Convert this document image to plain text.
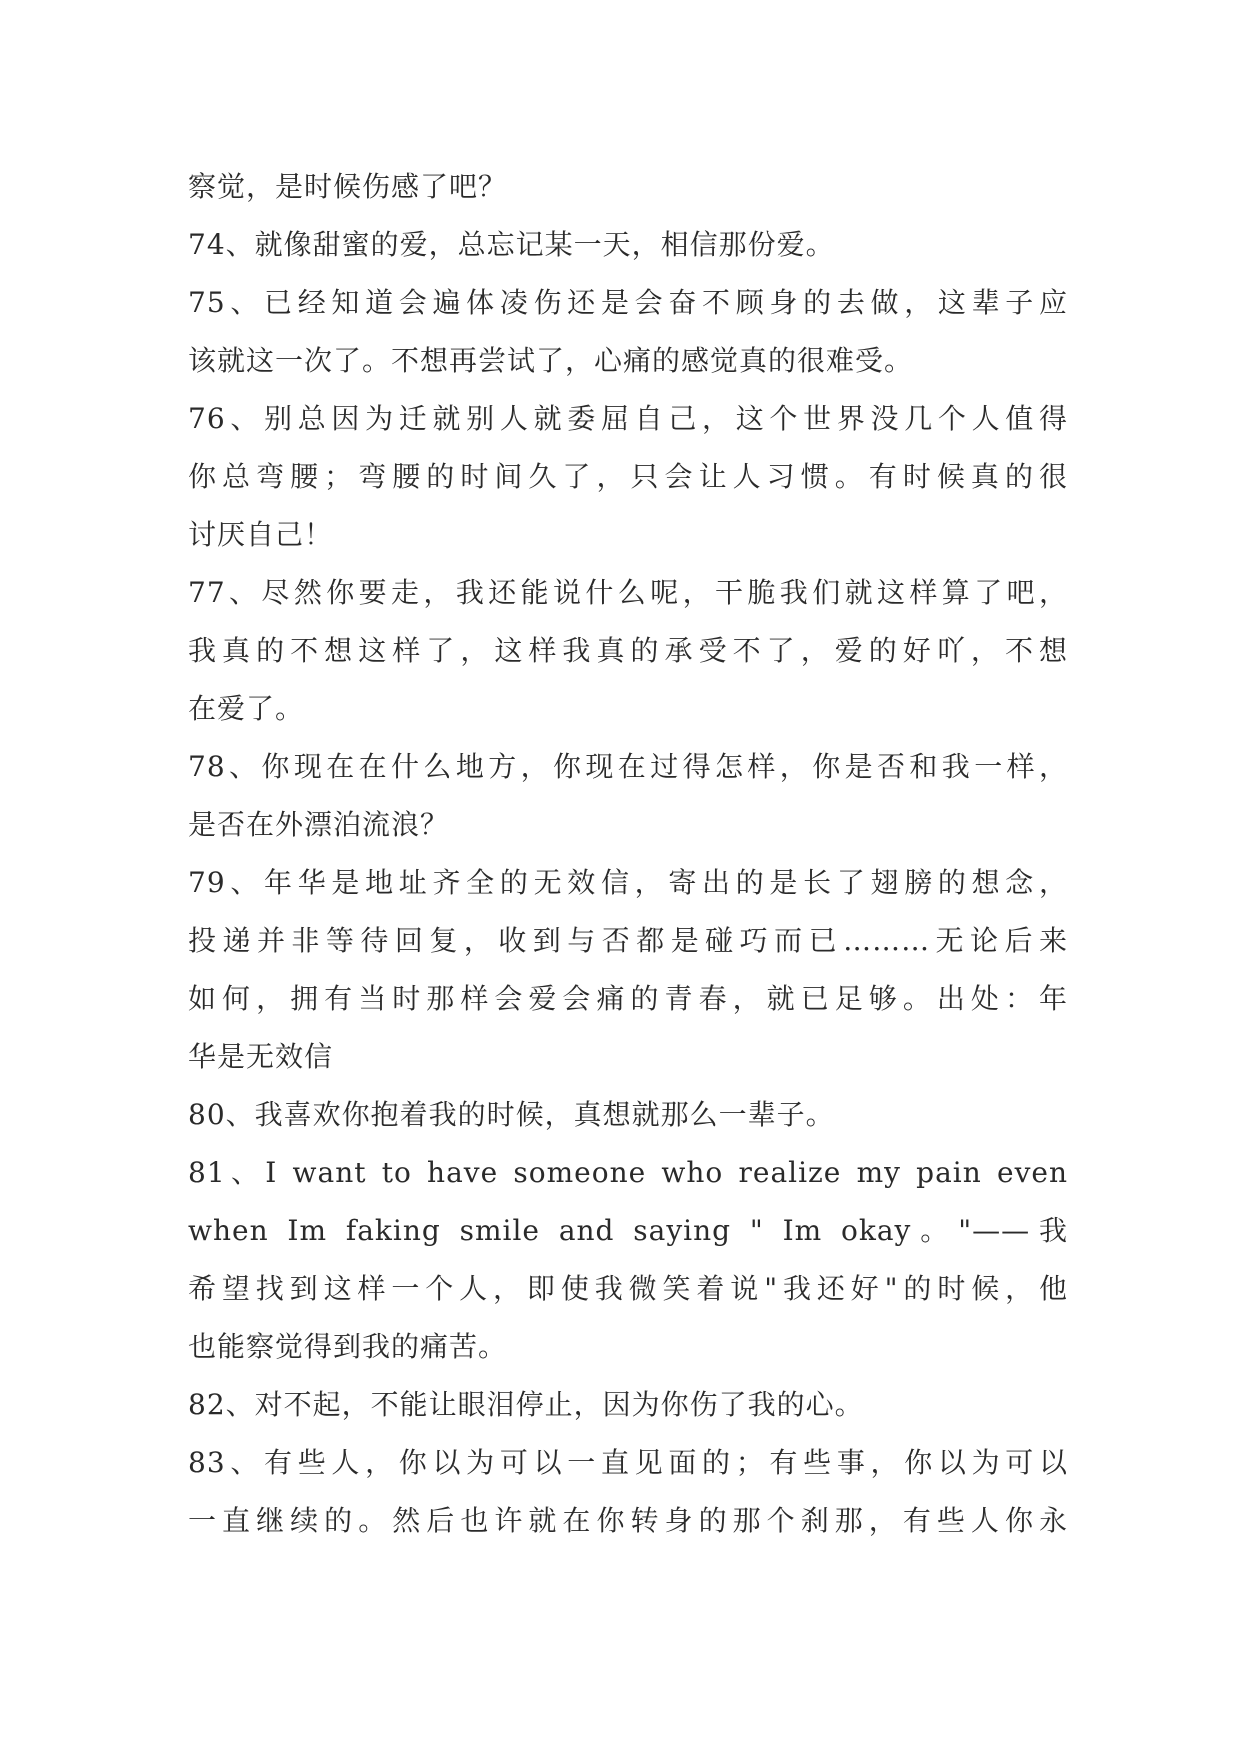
察觉，是时候伤感了吧？
74、就像甜蜜的爱，总忘记某一天，相信那份爱。
75、已经知道会遍体凌伤还是会奋不顾身的去做，这辈子应
该就这一次了。不想再尝试了，心痛的感觉真的很难受。
76、别总因为迁就别人就委屈自己，这个世界没几个人值得
你总弯腰；弯腰的时间久了，只会让人习惯。有时候真的很
讨厌自己！
77、尽然你要走，我还能说什么呢，干脆我们就这样算了吧，
我真的不想这样了，这样我真的承受不了，爱的好吖，不想
在爱了。
78、你现在在什么地方，你现在过得怎样，你是否和我一样，
是否在外漂泊流浪？
79、年华是地址齐全的无效信，寄出的是长了翅膀的想念，
投递并非等待回复，收到与否都是碰巧而已………无论后来
如何，拥有当时那样会爱会痛的青春，就已足够。出处：年
华是无效信
80、我喜欢你抱着我的时候，真想就那么一辈子。
81、I want to have someone who realize my pain even
when Im faking smile and saying " Im okay。"——我
希望找到这样一个人，即使我微笑着说"我还好"的时候，他
也能察觉得到我的痛苦。
82、对不起，不能让眼泪停止，因为你伤了我的心。
83、有些人，你以为可以一直见面的；有些事，你以为可以
一直继续的。然后也许就在你转身的那个刹那，有些人你永
